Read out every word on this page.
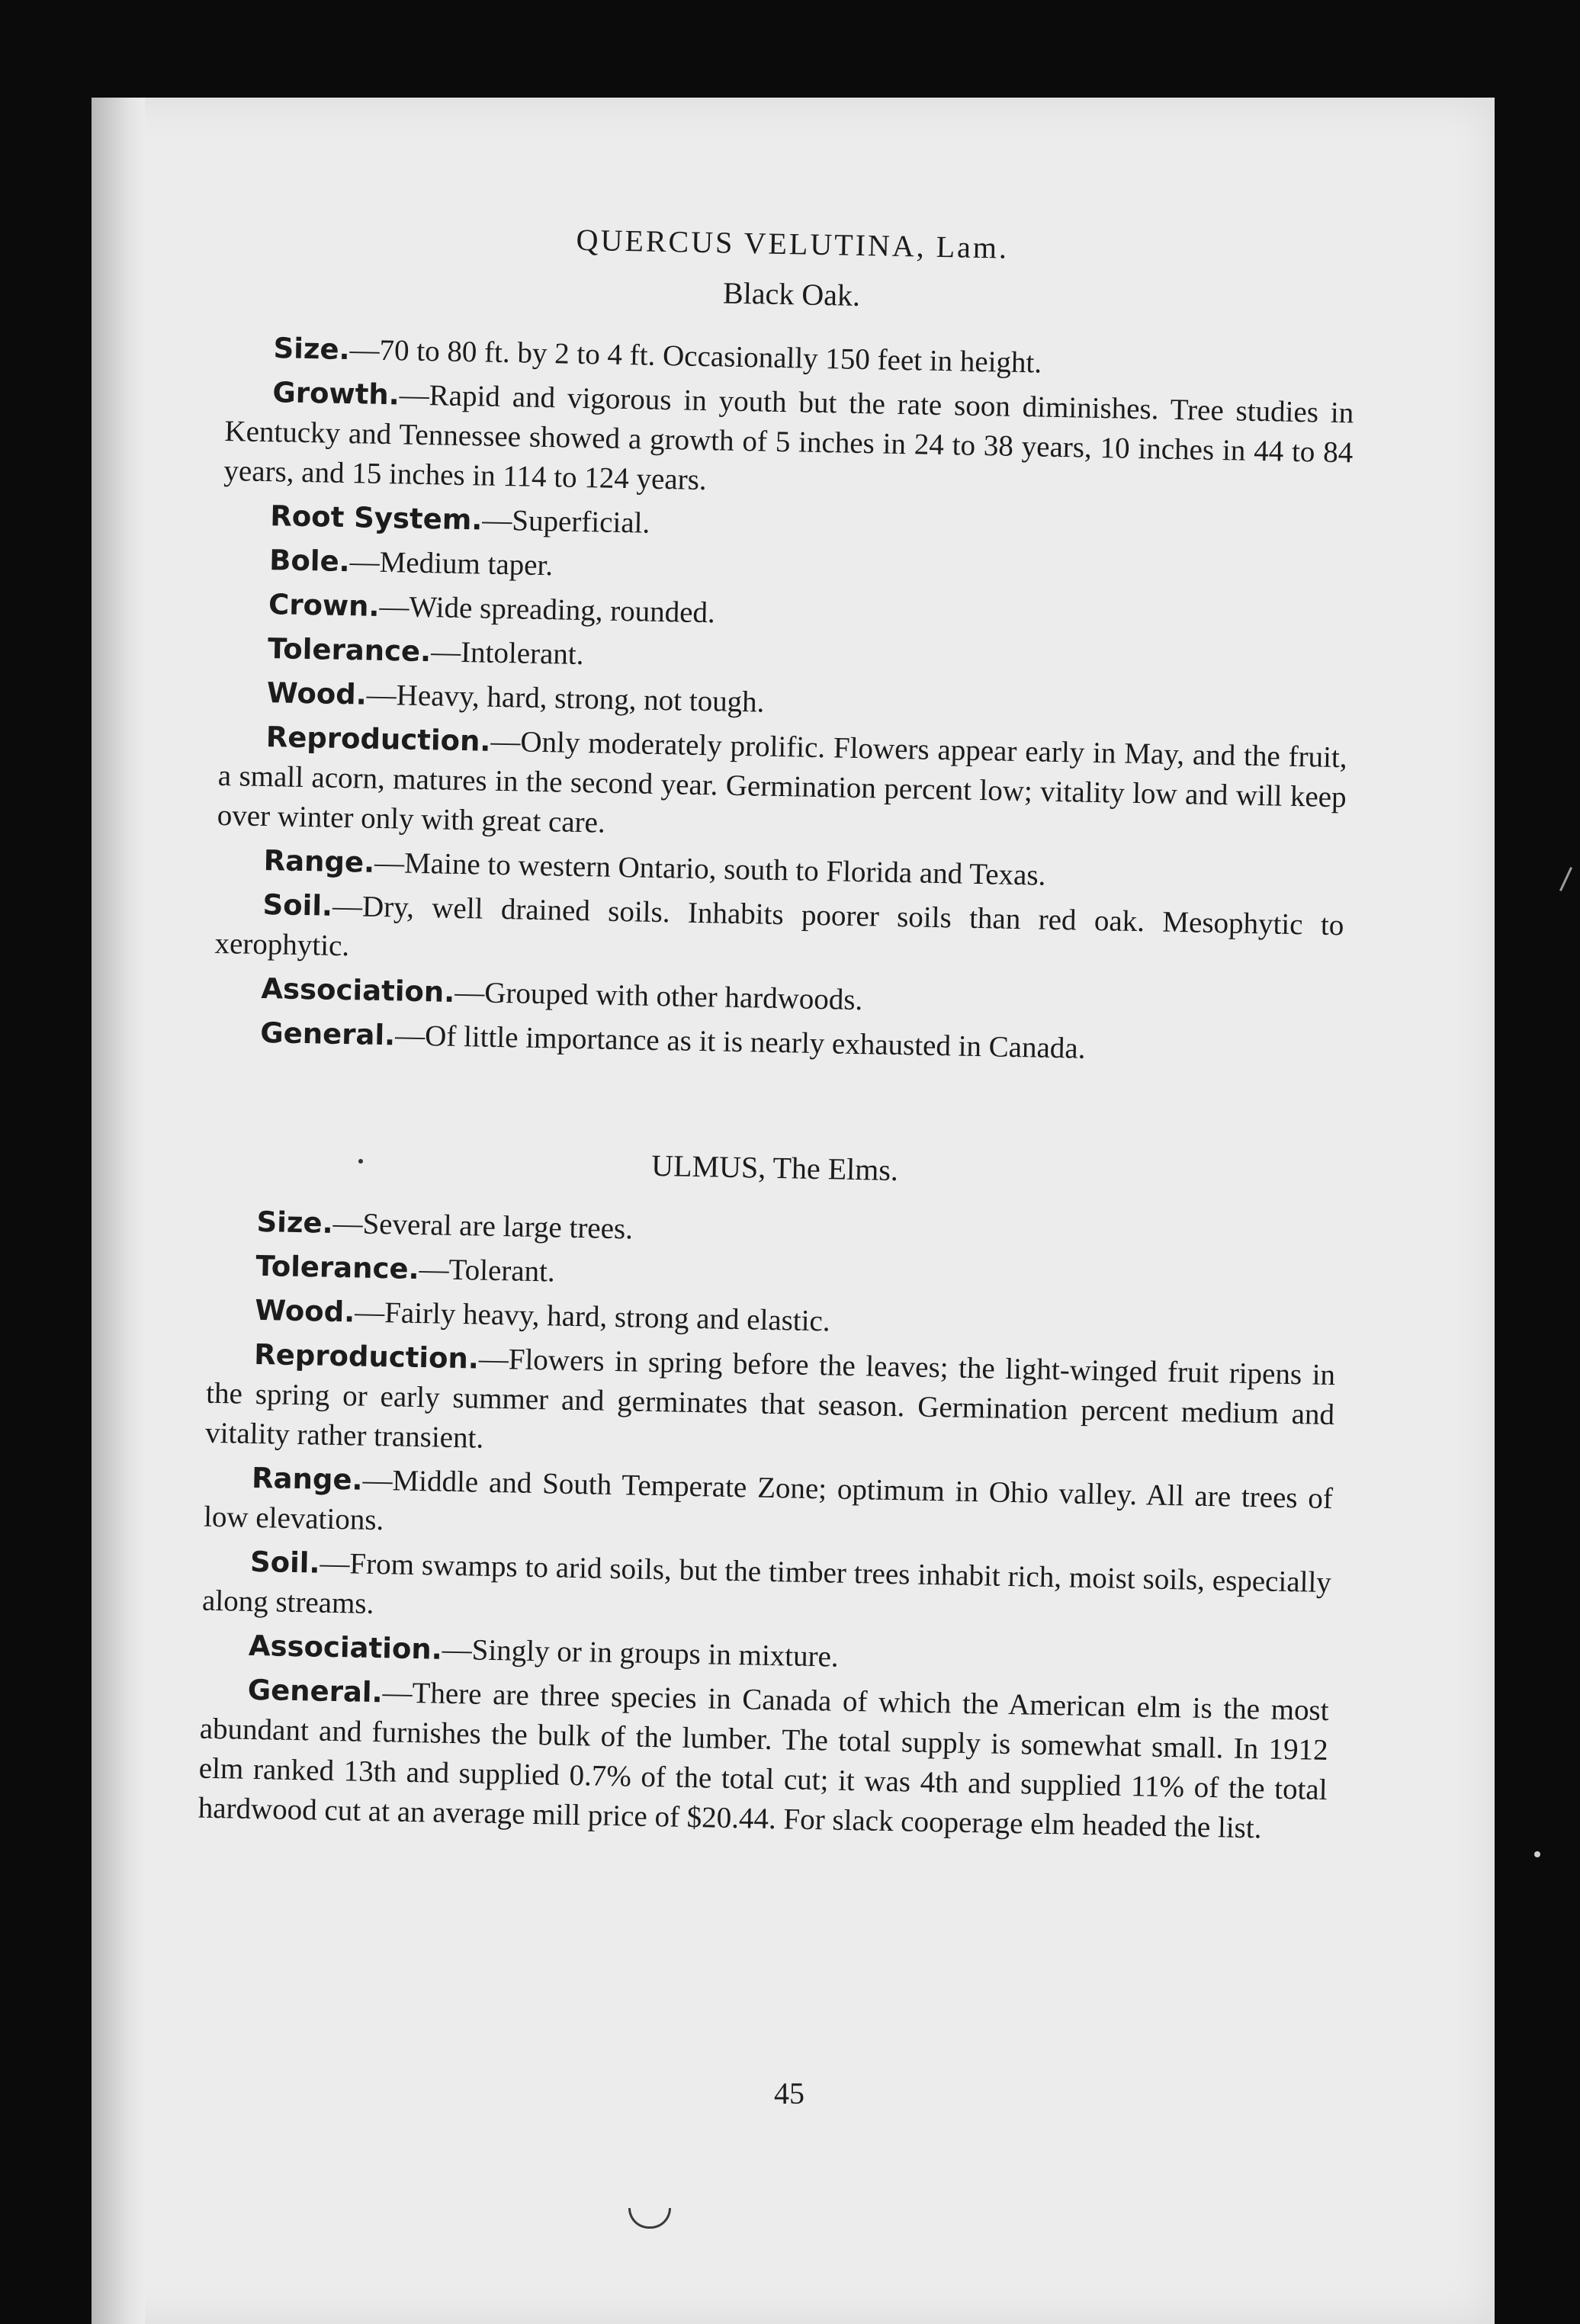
QUERCUS VELUTINA, Lam.
Black Oak.

Size.—70 to 80 ft. by 2 to 4 ft. Occasionally 150 feet in height.

Growth.—Rapid and vigorous in youth but the rate soon diminishes. Tree studies in Kentucky and Tennessee showed a growth of 5 inches in 24 to 38 years, 10 inches in 44 to 84 years, and 15 inches in 114 to 124 years.

Root System.—Superficial.

Bole.—Medium taper.

Crown.—Wide spreading, rounded.

Tolerance.—Intolerant.

Wood.—Heavy, hard, strong, not tough.

Reproduction.—Only moderately prolific. Flowers appear early in May, and the fruit, a small acorn, matures in the second year. Germination percent low; vitality low and will keep over winter only with great care.

Range.—Maine to western Ontario, south to Florida and Texas.

Soil.—Dry, well drained soils. Inhabits poorer soils than red oak. Mesophytic to xerophytic.

Association.—Grouped with other hardwoods.

General.—Of little importance as it is nearly exhausted in Canada.

ULMUS, The Elms.

Size.—Several are large trees.

Tolerance.—Tolerant.

Wood.—Fairly heavy, hard, strong and elastic.

Reproduction.—Flowers in spring before the leaves; the light-winged fruit ripens in the spring or early summer and germinates that season. Germination percent medium and vitality rather transient.

Range.—Middle and South Temperate Zone; optimum in Ohio valley. All are trees of low elevations.

Soil.—From swamps to arid soils, but the timber trees inhabit rich, moist soils, especially along streams.

Association.—Singly or in groups in mixture.

General.—There are three species in Canada of which the American elm is the most abundant and furnishes the bulk of the lumber. The total supply is somewhat small. In 1912 elm ranked 13th and supplied 0.7% of the total cut; it was 4th and supplied 11% of the total hardwood cut at an average mill price of $20.44. For slack cooperage elm headed the list.

45
